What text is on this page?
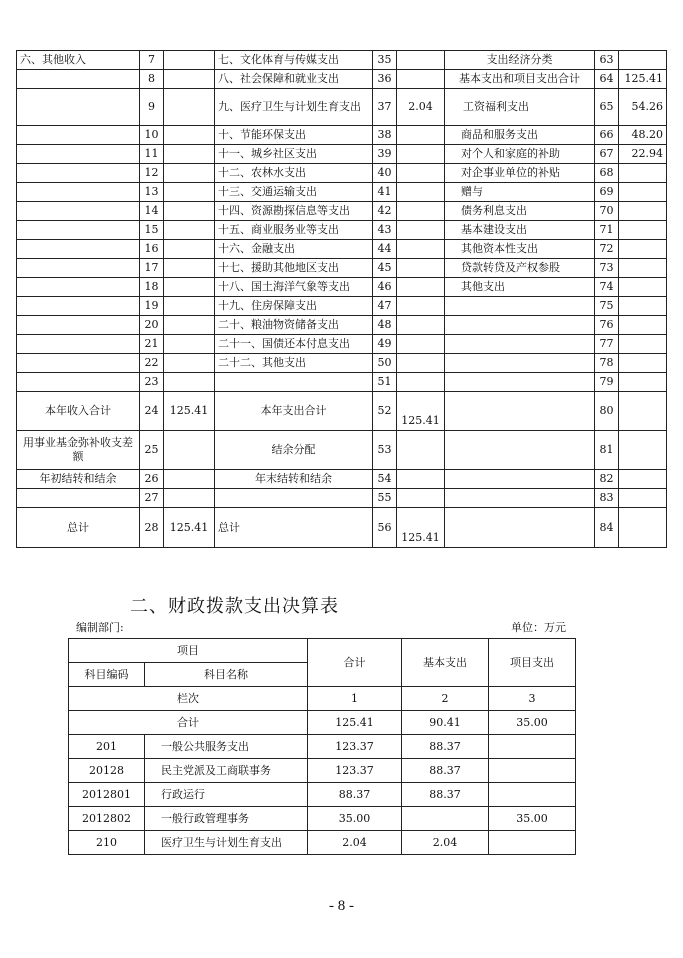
六、其他收入	7		七、文化体育与传媒支出	35		支出经济分类	63	
	8		八、社会保障和就业支出	36		基本支出和项目支出合计	64	125.41
	9		九、医疗卫生与计划生育支出	37	2.04	工资福利支出	65	54.26
	10		十、节能环保支出	38		商品和服务支出	66	48.20
	11		十一、城乡社区支出	39		对个人和家庭的补助	67	22.94
	12		十二、农林水支出	40		对企事业单位的补贴	68	
	13		十三、交通运输支出	41		赠与	69	
	14		十四、资源勘探信息等支出	42		债务利息支出	70	
	15		十五、商业服务业等支出	43		基本建设支出	71	
	16		十六、金融支出	44		其他资本性支出	72	
	17		十七、援助其他地区支出	45		贷款转贷及产权参股	73	
	18		十八、国土海洋气象等支出	46		其他支出	74	
	19		十九、住房保障支出	47			75	
	20		二十、粮油物资储备支出	48			76	
	21		二十一、国债还本付息支出	49			77	
	22		二十二、其他支出	50			78	
	23			51			79	
本年收入合计	24	125.41	本年支出合计	52	125.41		80	
用事业基金弥补收支差额	25		结余分配	53			81	
年初结转和结余	26		年末结转和结余	54			82	
	27			55			83	
总计	28	125.41	总计	56	125.41		84	
二、财政拨款支出决算表
编制部门:	单位：万元
项目		合计	基本支出	项目支出
科目编码	科目名称			
栏次		1	2	3
合计		125.41	90.41	35.00
201	一般公共服务支出	123.37	88.37	
20128	民主党派及工商联事务	123.37	88.37	
2012801	行政运行	88.37	88.37	
2012802	一般行政管理事务	35.00		35.00
210	医疗卫生与计划生育支出	2.04	2.04	
- 8 -
